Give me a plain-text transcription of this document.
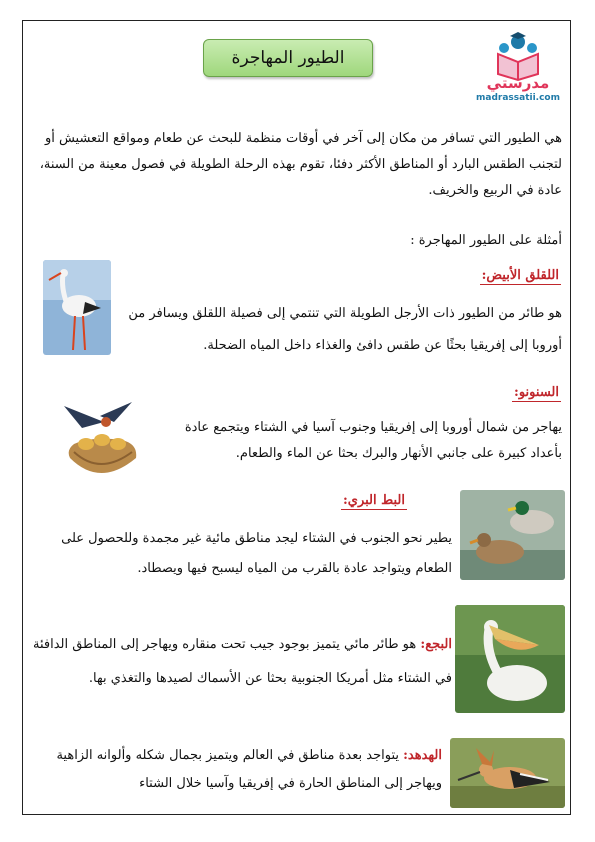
الطيور المهاجرة
مدرستي
madrassatii.com
هي الطيور التي تسافر من مكان إلى آخر في أوقات منظمة للبحث عن طعام ومواقع التعشيش أو لتجنب الطقس البارد أو المناطق الأكثر دفئا، تقوم بهذه الرحلة الطويلة في فصول معينة من السنة، عادة في الربيع والخريف.
أمثلة على الطيور المهاجرة :
اللقلق الأبيض:
هو طائر من الطيور ذات الأرجل الطويلة التي تنتمي إلى فصيلة اللقلق ويسافر من أوروبا إلى إفريقيا بحثًا عن طقس دافئ والغذاء داخل المياه الضحلة.
السنونو:
يهاجر من شمال أوروبا إلى إفريقيا وجنوب آسيا في الشتاء ويتجمع عادة بأعداد كبيرة على جانبي الأنهار والبرك بحثا عن الماء والطعام.
البط البري:
يطير نحو الجنوب في الشتاء ليجد مناطق مائية غير مجمدة وللحصول على الطعام ويتواجد عادة بالقرب من المياه ليسبح فيها ويصطاد.
البجع: هو طائر مائي يتميز بوجود جيب تحت منقاره ويهاجر إلى المناطق الدافئة في الشتاء مثل أمريكا الجنوبية بحثا عن الأسماك لصيدها والتغذي بها.
الهدهد: يتواجد بعدة مناطق في العالم ويتميز بجمال شكله وألوانه الزاهية ويهاجر إلى المناطق الحارة في إفريقيا وآسيا خلال الشتاء
